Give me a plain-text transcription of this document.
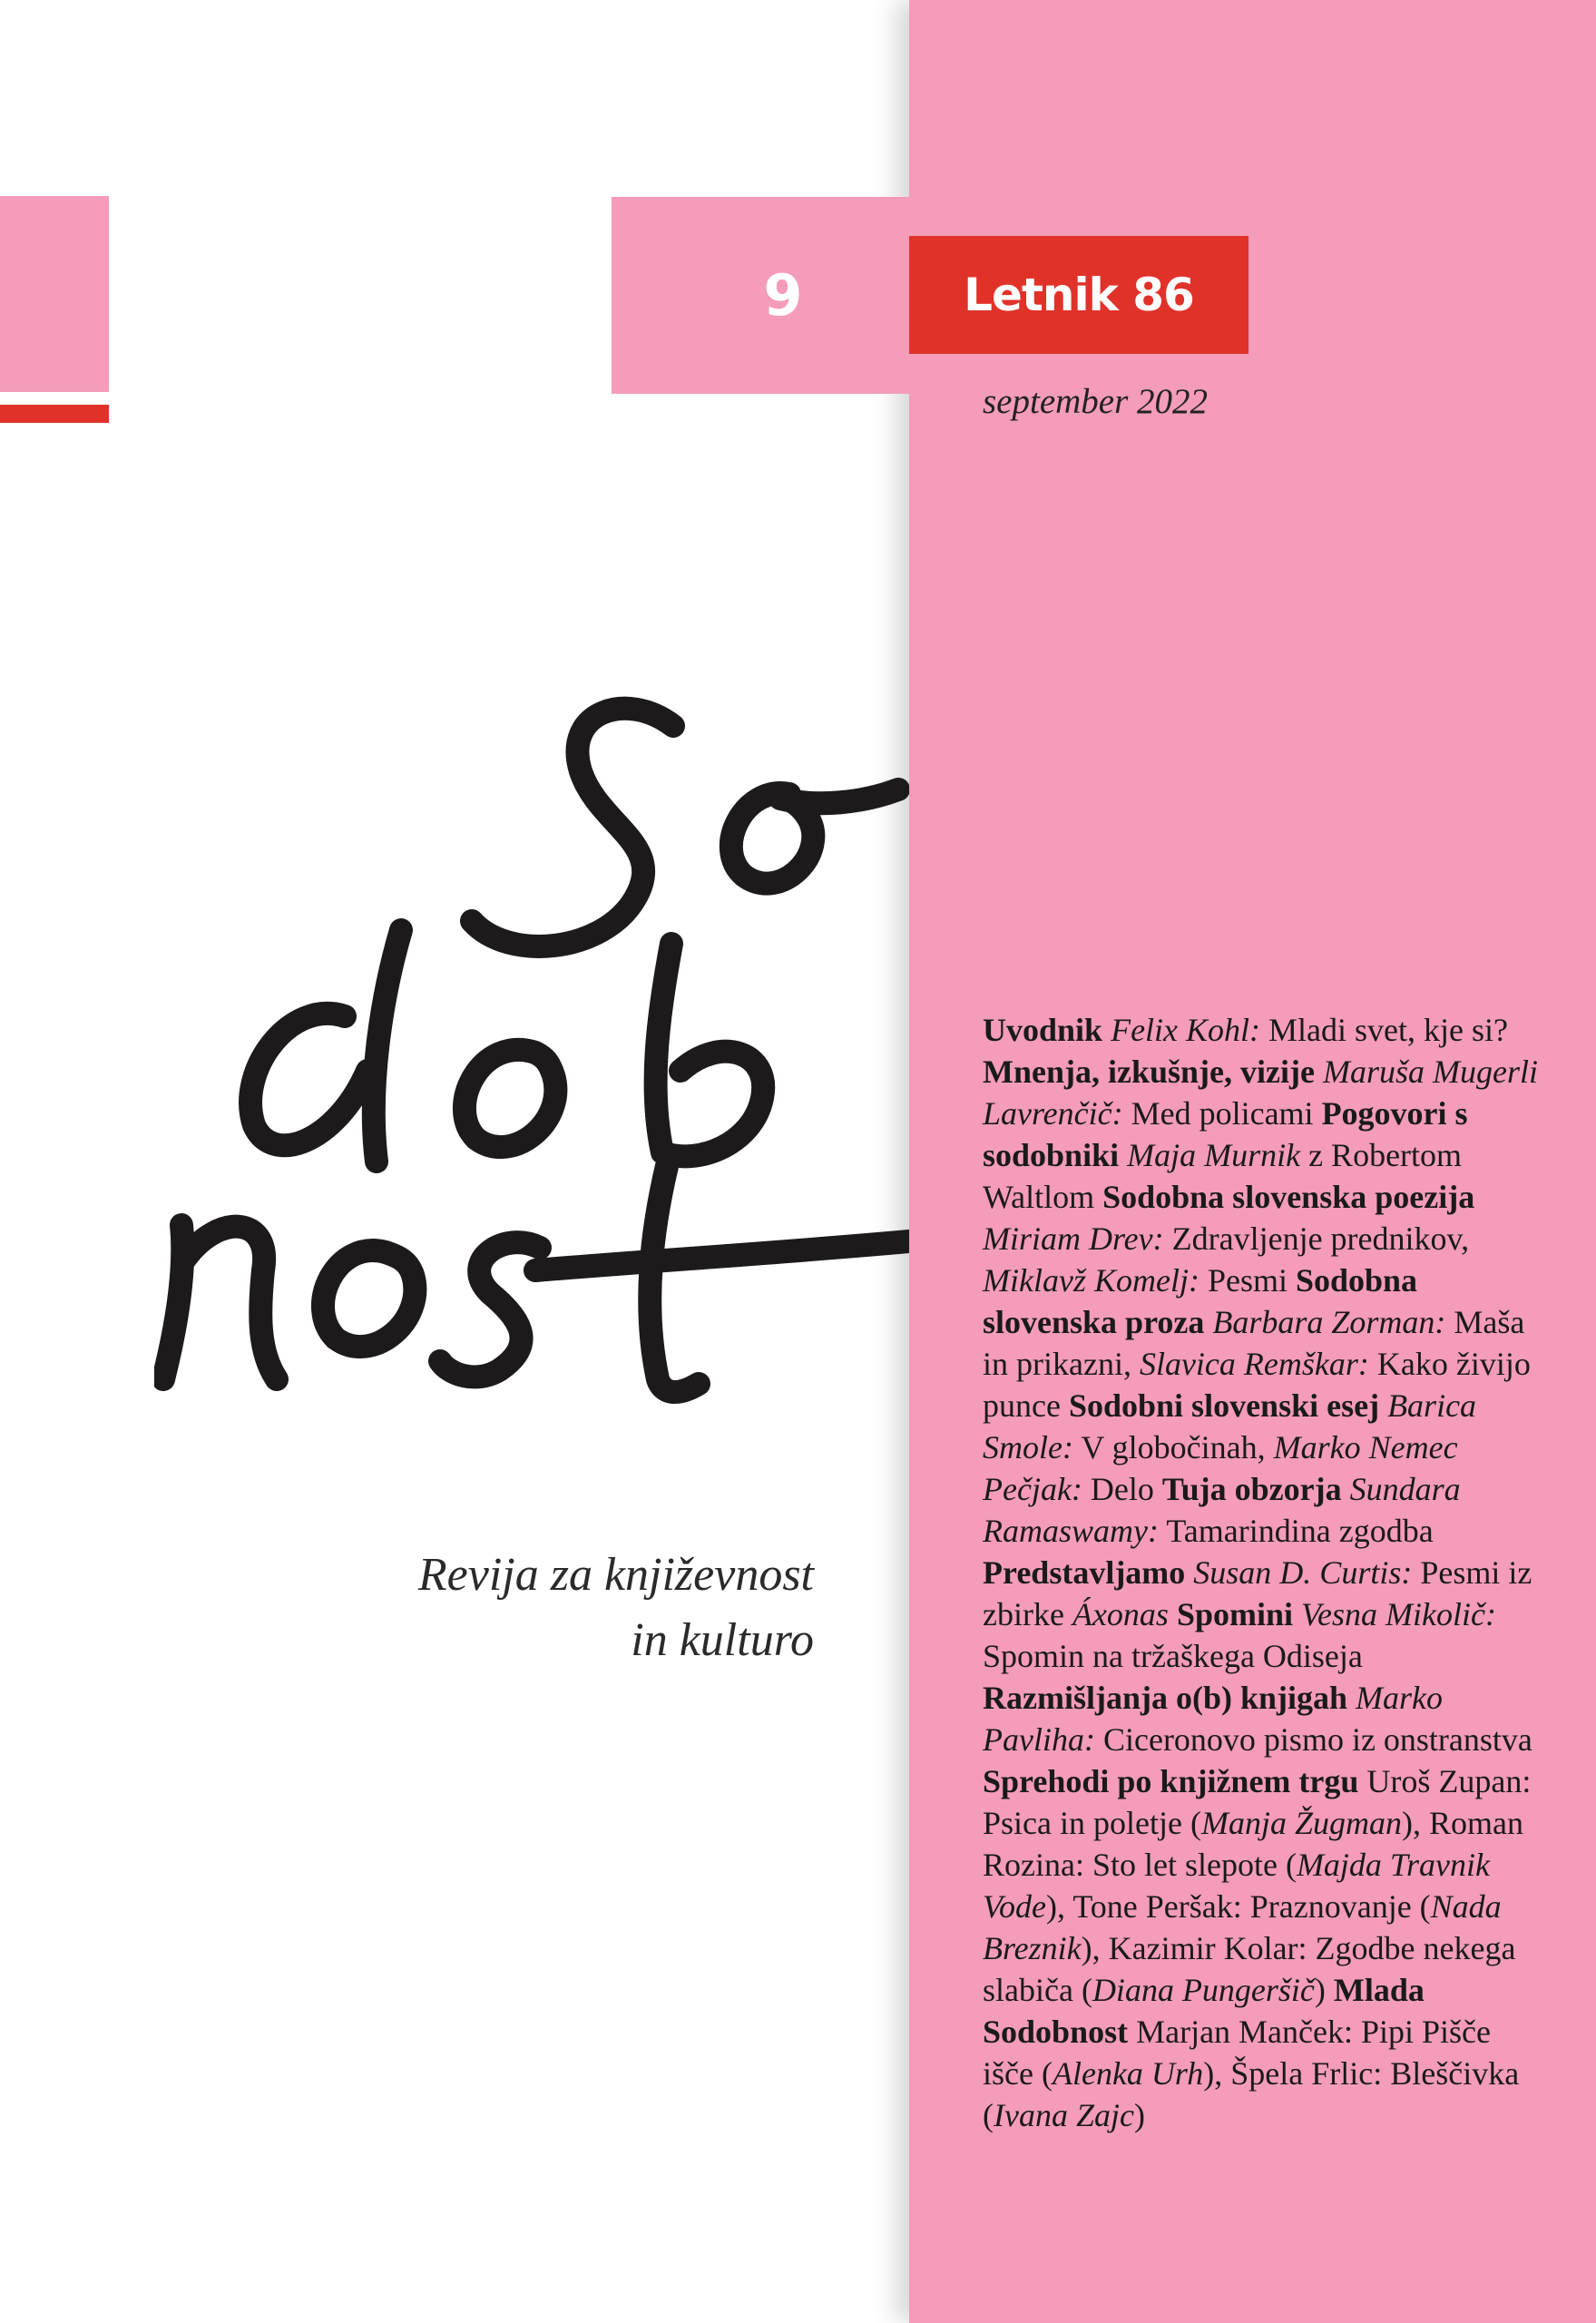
9	Letnik 86
september 2022
Revija za književnost
in kulturo

Uvodnik Felix Kohl: Mladi svet, kje si? Mnenja, izkušnje, vizije Maruša Mugerli Lavrenčič: Med policami Pogovori s sodobniki Maja Murnik z Robertom Waltlom Sodobna slovenska poezija Miriam Drev: Zdravljenje prednikov, Miklavž Komelj: Pesmi Sodobna slovenska proza Barbara Zorman: Maša in prikazni, Slavica Remškar: Kako živijo punce Sodobni slovenski esej Barica Smole: V globočinah, Marko Nemec Pečjak: Delo Tuja obzorja Sundara Ramaswamy: Tamarindina zgodba Predstavljamo Susan D. Curtis: Pesmi iz zbirke Áxonas Spomini Vesna Mikolič: Spomin na tržaškega Odiseja Razmišljanja o(b) knjigah Marko Pavliha: Ciceronovo pismo iz onstranstva Sprehodi po knjižnem trgu Uroš Zupan: Psica in poletje (Manja Žugman), Roman Rozina: Sto let slepote (Majda Travnik Vode), Tone Peršak: Praznovanje (Nada Breznik), Kazimir Kolar: Zgodbe nekega slabiča (Diana Pungeršič) Mlada Sodobnost Marjan Manček: Pipi Pišče išče (Alenka Urh), Špela Frlic: Bleščivka (Ivana Zajc)
